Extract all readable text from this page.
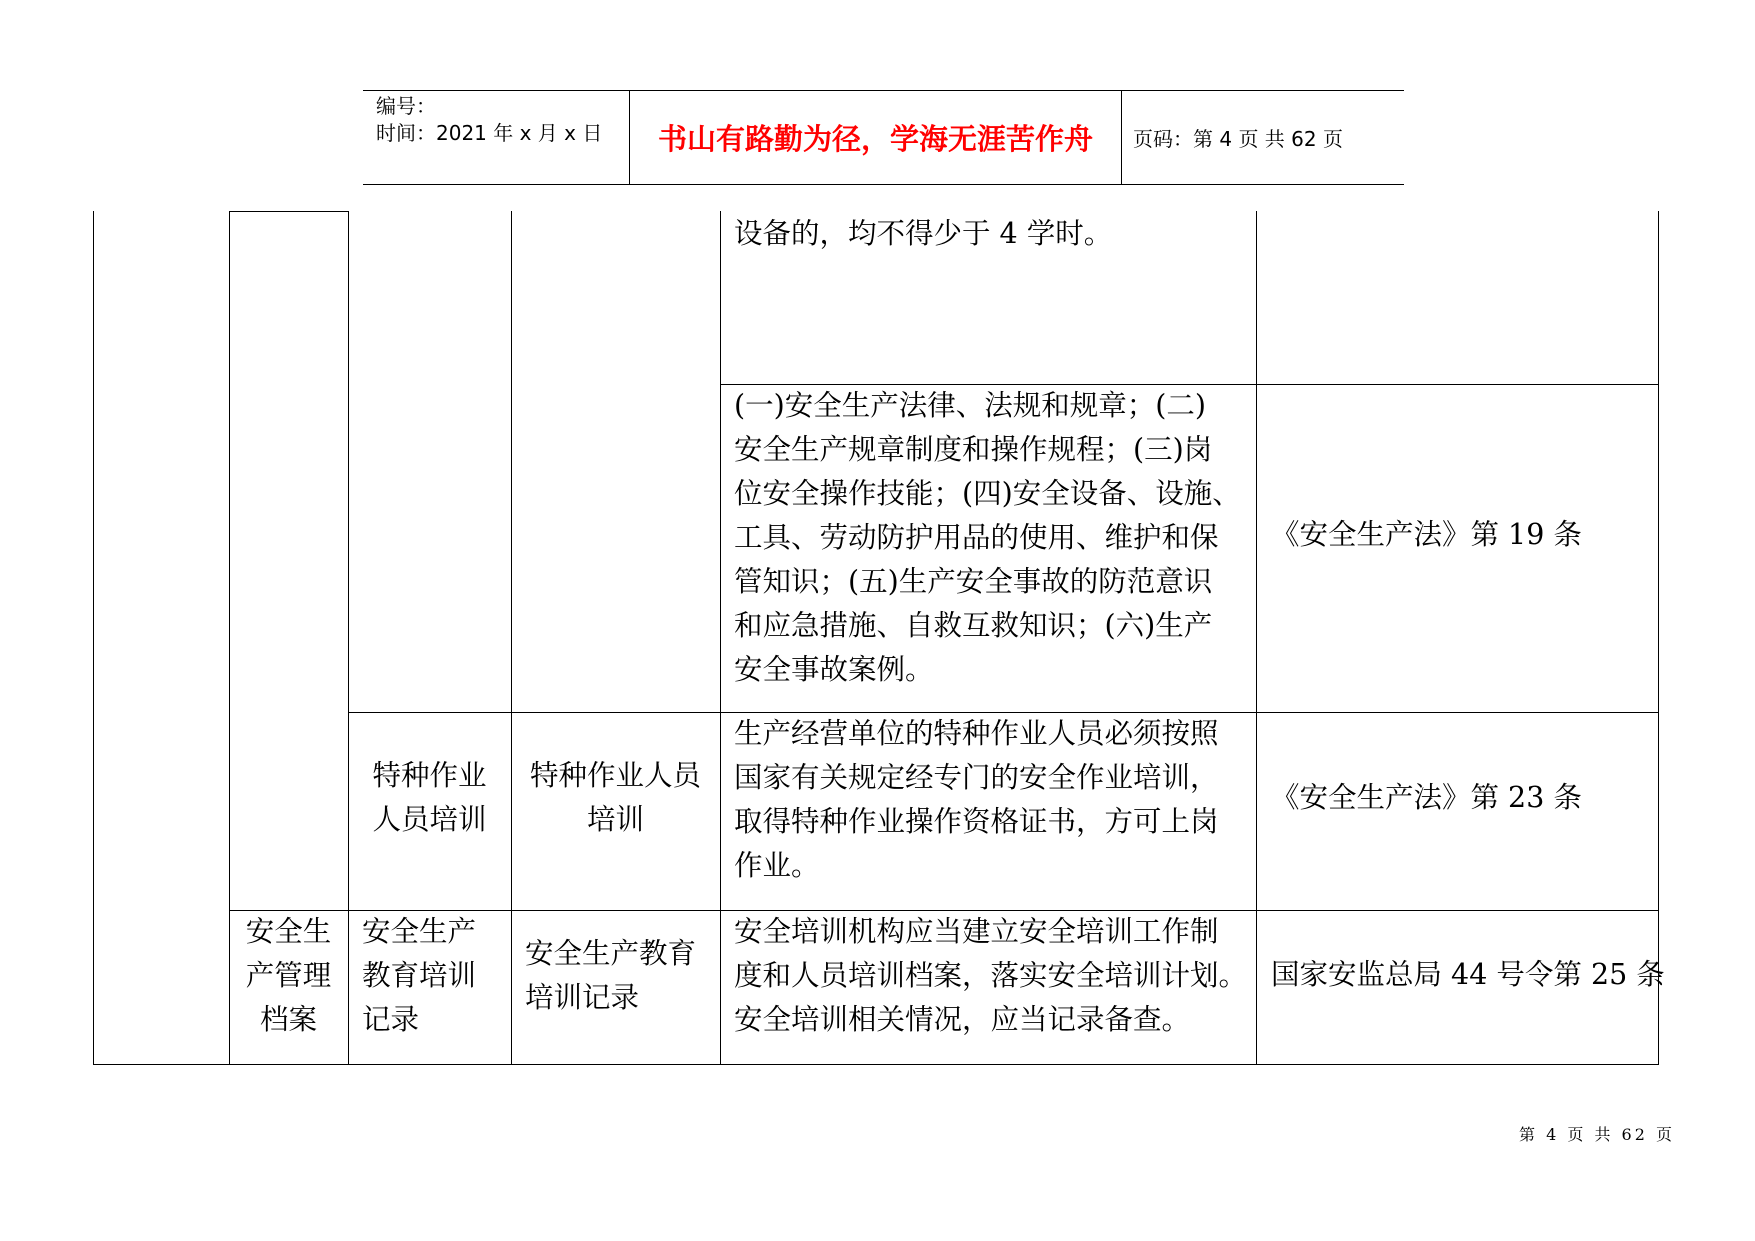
编号：
时间：2021 年 x 月 x 日	书山有路勤为径，学海无涯苦作舟	页码：第 4 页 共 62 页
安全生
产管理
档案
特种作业
人员培训
安全生产
教育培训
记录
特种作业人员
培训
安全生产教育
培训记录
设备的，均不得少于 4 学时。
(一)安全生产法律、法规和规章；(二)
安全生产规章制度和操作规程；(三)岗
位安全操作技能；(四)安全设备、设施、
工具、劳动防护用品的使用、维护和保
管知识；(五)生产安全事故的防范意识
和应急措施、自救互救知识；(六)生产
安全事故案例。
生产经营单位的特种作业人员必须按照
国家有关规定经专门的安全作业培训，
取得特种作业操作资格证书，方可上岗
作业。
安全培训机构应当建立安全培训工作制
度和人员培训档案，落实安全培训计划。
安全培训相关情况，应当记录备查。
《安全生产法》第 19 条
《安全生产法》第 23 条
国家安监总局 44 号令第 25 条
第 4 页 共 62 页
